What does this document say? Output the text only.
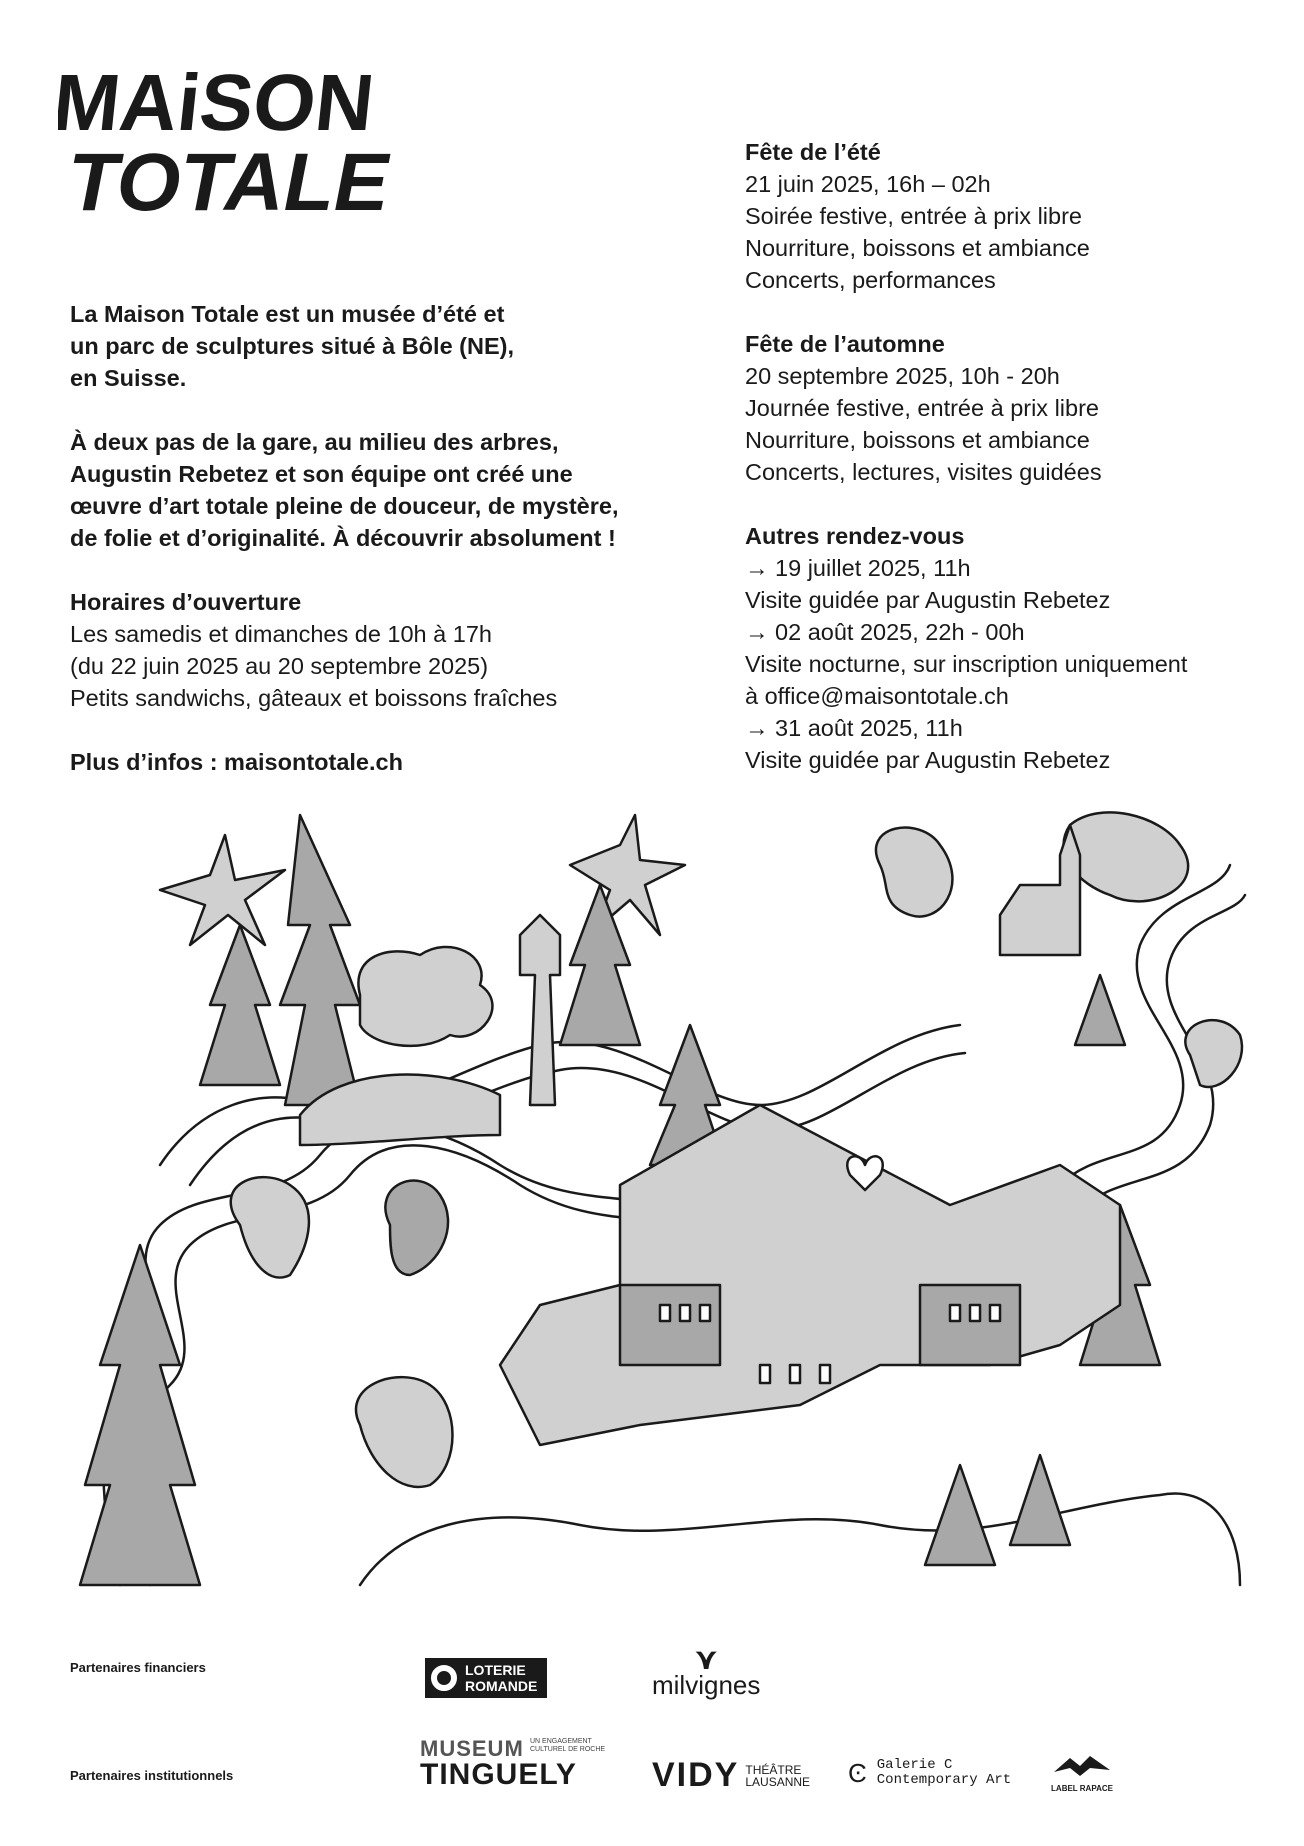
MAiSON
TOTALE

La Maison Totale est un musée d’été et
un parc de sculptures situé à Bôle (NE),
en Suisse.

À deux pas de la gare, au milieu des arbres,
Augustin Rebetez et son équipe ont créé une
œuvre d’art totale pleine de douceur, de mystère,
de folie et d’originalité. À découvrir absolument !

Horaires d’ouverture
Les samedis et dimanches de 10h à 17h
(du 22 juin 2025 au 20 septembre 2025)
Petits sandwichs, gâteaux et boissons fraîches
Plus d’infos : maisontotale.ch
Fête de l’été
21 juin 2025, 16h – 02h
Soirée festive, entrée à prix libre
Nourriture, boissons et ambiance
Concerts, performances
Fête de l’automne
20 septembre 2025, 10h - 20h
Journée festive, entrée à prix libre
Nourriture, boissons et ambiance
Concerts, lectures, visites guidées
Autres rendez-vous
→ 19 juillet 2025, 11h
Visite guidée par Augustin Rebetez
→ 02 août 2025, 22h - 00h
Visite nocturne, sur inscription uniquement
à office@maisontotale.ch
→ 31 août 2025, 11h
Visite guidée par Augustin Rebetez
Partenaires financiers
Partenaires institutionnels
LOTERIE
ROMANDE
⋎
milvignes
MUSEUM
TINGUELY
UN ENGAGEMENT CULTUREL DE ROCHE
VIDY THÉÂTRE
LAUSANNE Ͼ Galerie C
Contemporary Art
LABEL RAPACE
